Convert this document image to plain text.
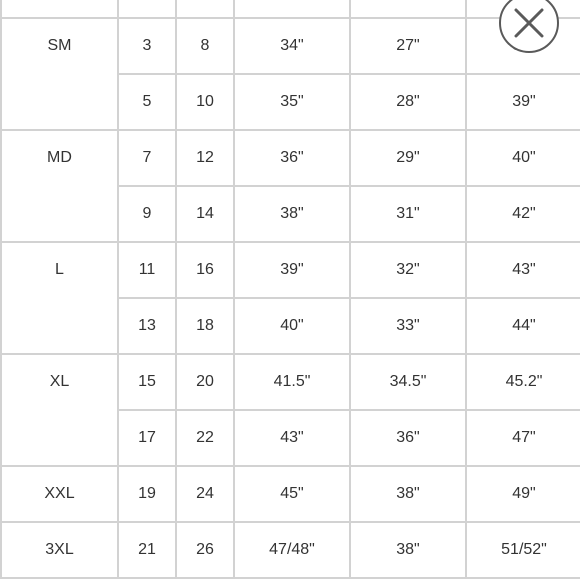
SM	3	8	34"	27"	
	5	10	35"	28"	39"
MD	7	12	36"	29"	40"
	9	14	38"	31"	42"
L	11	16	39"	32"	43"
	13	18	40"	33"	44"
XL	15	20	41.5"	34.5"	45.2"
	17	22	43"	36"	47"
XXL	19	24	45"	38"	49"
3XL	21	26	47/48"	38"	51/52"
